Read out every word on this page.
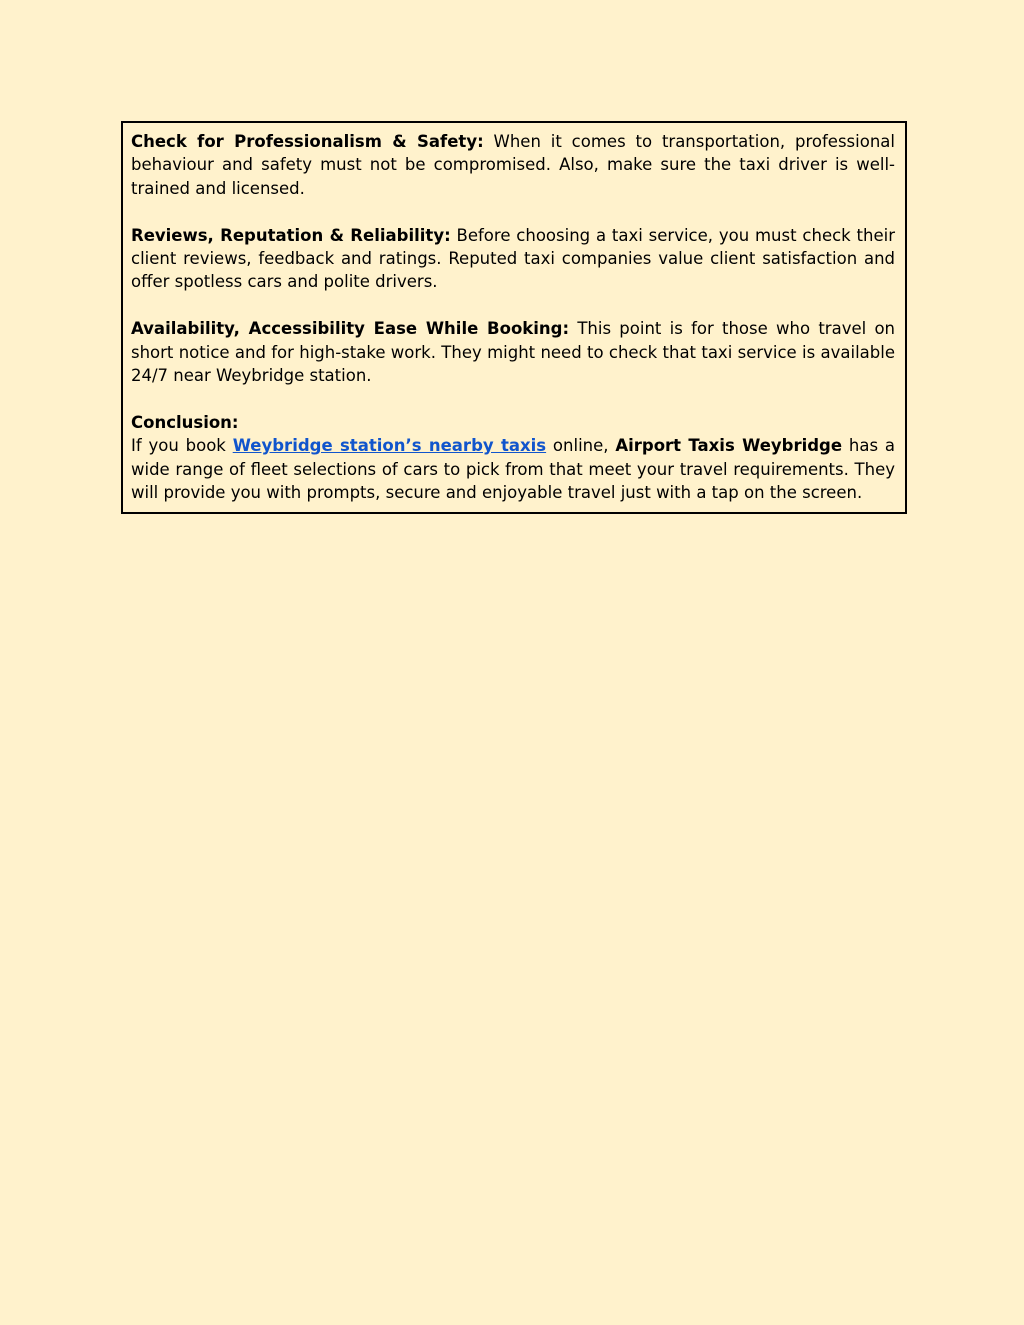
Check for Professionalism & Safety: When it comes to transportation, professional behaviour and safety must not be compromised. Also, make sure the taxi driver is well-trained and licensed.

Reviews, Reputation & Reliability: Before choosing a taxi service, you must check their client reviews, feedback and ratings. Reputed taxi companies value client satisfaction and offer spotless cars and polite drivers.

Availability, Accessibility Ease While Booking: This point is for those who travel on short notice and for high-stake work. They might need to check that taxi service is available 24/7 near Weybridge station.

Conclusion:
If you book Weybridge station’s nearby taxis online, Airport Taxis Weybridge has a wide range of fleet selections of cars to pick from that meet your travel requirements. They will provide you with prompts, secure and enjoyable travel just with a tap on the screen.
